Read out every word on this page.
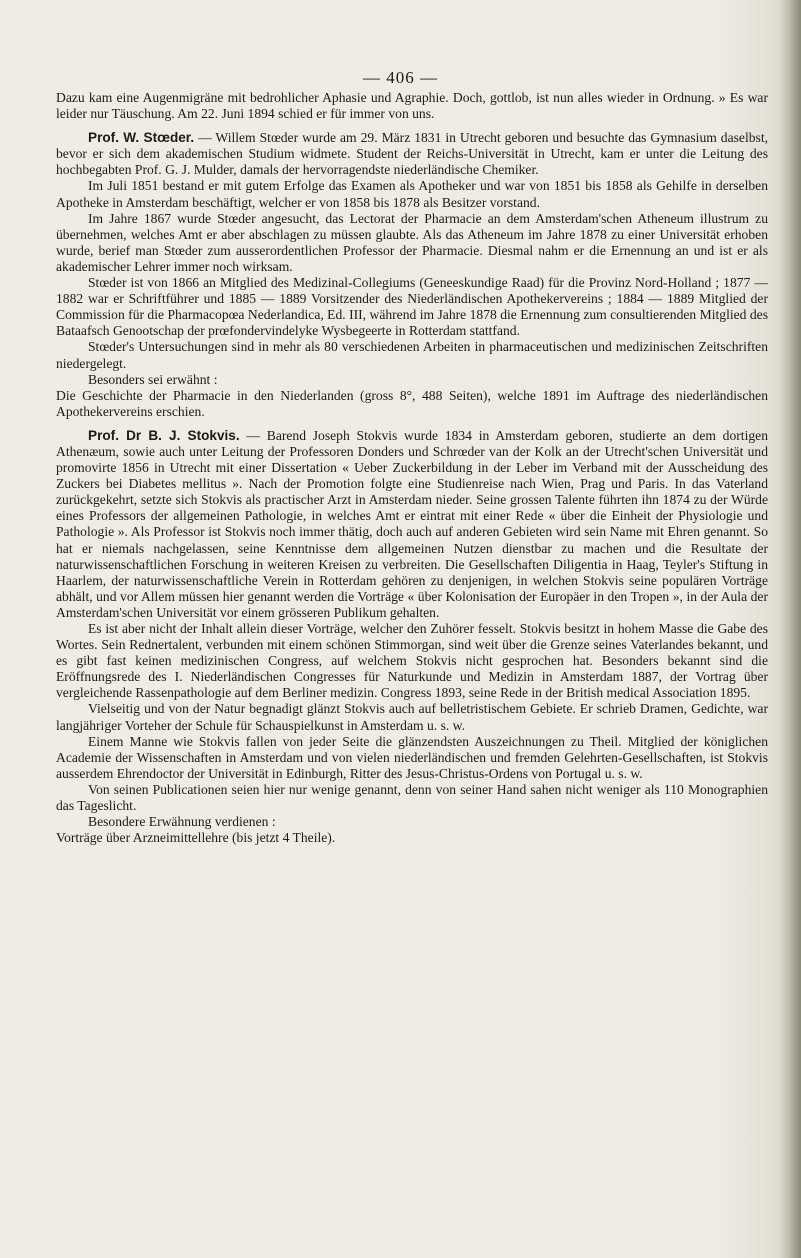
— 406 —

Dazu kam eine Augenmigräne mit bedrohlicher Aphasie und Agraphie. Doch, gottlob, ist nun alles wieder in Ordnung. » Es war leider nur Täuschung. Am 22. Juni 1894 schied er für immer von uns.

Prof. W. Stœder. — Willem Stœder wurde am 29. März 1831 in Utrecht geboren und besuchte das Gymnasium daselbst, bevor er sich dem akademischen Studium widmete. Student der Reichs-Universität in Utrecht, kam er unter die Leitung des hochbegabten Prof. G. J. Mulder, damals der hervorragendste niederländische Chemiker.

Im Juli 1851 bestand er mit gutem Erfolge das Examen als Apotheker und war von 1851 bis 1858 als Gehilfe in derselben Apotheke in Amsterdam beschäftigt, welcher er von 1858 bis 1878 als Besitzer vorstand.

Im Jahre 1867 wurde Stœder angesucht, das Lectorat der Pharmacie an dem Amsterdam'schen Atheneum illustrum zu übernehmen, welches Amt er aber abschlagen zu müssen glaubte. Als das Atheneum im Jahre 1878 zu einer Universität erhoben wurde, berief man Stœder zum ausserordentlichen Professor der Pharmacie. Diesmal nahm er die Ernennung an und ist er als akademischer Lehrer immer noch wirksam.

Stœder ist von 1866 an Mitglied des Medizinal-Collegiums (Geneeskundige Raad) für die Provinz Nord-Holland ; 1877 — 1882 war er Schriftführer und 1885 — 1889 Vorsitzender des Niederländischen Apothekervereins ; 1884 — 1889 Mitglied der Commission für die Pharmacopœa Nederlandica, Ed. III, während im Jahre 1878 die Ernennung zum consultierenden Mitglied des Bataafsch Genootschap der prœfondervindelyke Wysbegeerte in Rotterdam stattfand.

Stœder's Untersuchungen sind in mehr als 80 verschiedenen Arbeiten in pharmaceutischen und medizinischen Zeitschriften niedergelegt.

Besonders sei erwähnt :

Die Geschichte der Pharmacie in den Niederlanden (gross 8°, 488 Seiten), welche 1891 im Auftrage des niederländischen Apothekervereins erschien.

Prof. Dr B. J. Stokvis. — Barend Joseph Stokvis wurde 1834 in Amsterdam geboren, studierte an dem dortigen Athenæum, sowie auch unter Leitung der Professoren Donders und Schrœder van der Kolk an der Utrecht'schen Universität und promovirte 1856 in Utrecht mit einer Dissertation « Ueber Zuckerbildung in der Leber im Verband mit der Ausscheidung des Zuckers bei Diabetes mellitus ». Nach der Promotion folgte eine Studienreise nach Wien, Prag und Paris. In das Vaterland zurückgekehrt, setzte sich Stokvis als practischer Arzt in Amsterdam nieder. Seine grossen Talente führten ihn 1874 zu der Würde eines Professors der allgemeinen Pathologie, in welches Amt er eintrat mit einer Rede « über die Einheit der Physiologie und Pathologie ». Als Professor ist Stokvis noch immer thätig, doch auch auf anderen Gebieten wird sein Name mit Ehren genannt. So hat er niemals nachgelassen, seine Kenntnisse dem allgemeinen Nutzen dienstbar zu machen und die Resultate der naturwissenschaftlichen Forschung in weiteren Kreisen zu verbreiten. Die Gesellschaften Diligentia in Haag, Teyler's Stiftung in Haarlem, der naturwissenschaftliche Verein in Rotterdam gehören zu denjenigen, in welchen Stokvis seine populären Vorträge abhält, und vor Allem müssen hier genannt werden die Vorträge « über Kolonisation der Europäer in den Tropen », in der Aula der Amsterdam'schen Universität vor einem grösseren Publikum gehalten.

Es ist aber nicht der Inhalt allein dieser Vorträge, welcher den Zuhörer fesselt. Stokvis besitzt in hohem Masse die Gabe des Wortes. Sein Rednertalent, verbunden mit einem schönen Stimmorgan, sind weit über die Grenze seines Vaterlandes bekannt, und es gibt fast keinen medizinischen Congress, auf welchem Stokvis nicht gesprochen hat. Besonders bekannt sind die Eröffnungsrede des I. Niederländischen Congresses für Naturkunde und Medizin in Amsterdam 1887, der Vortrag über vergleichende Rassenpathologie auf dem Berliner medizin. Congress 1893, seine Rede in der British medical Association 1895.

Vielseitig und von der Natur begnadigt glänzt Stokvis auch auf belletristischem Gebiete. Er schrieb Dramen, Gedichte, war langjähriger Vorteher der Schule für Schauspielkunst in Amsterdam u. s. w.

Einem Manne wie Stokvis fallen von jeder Seite die glänzendsten Auszeichnungen zu Theil. Mitglied der königlichen Academie der Wissenschaften in Amsterdam und von vielen niederländischen und fremden Gelehrten-Gesellschaften, ist Stokvis ausserdem Ehrendoctor der Universität in Edinburgh, Ritter des Jesus-Christus-Ordens von Portugal u. s. w.

Von seinen Publicationen seien hier nur wenige genannt, denn von seiner Hand sahen nicht weniger als 110 Monographien das Tageslicht.

Besondere Erwähnung verdienen :

Vorträge über Arzneimittellehre (bis jetzt 4 Theile).
